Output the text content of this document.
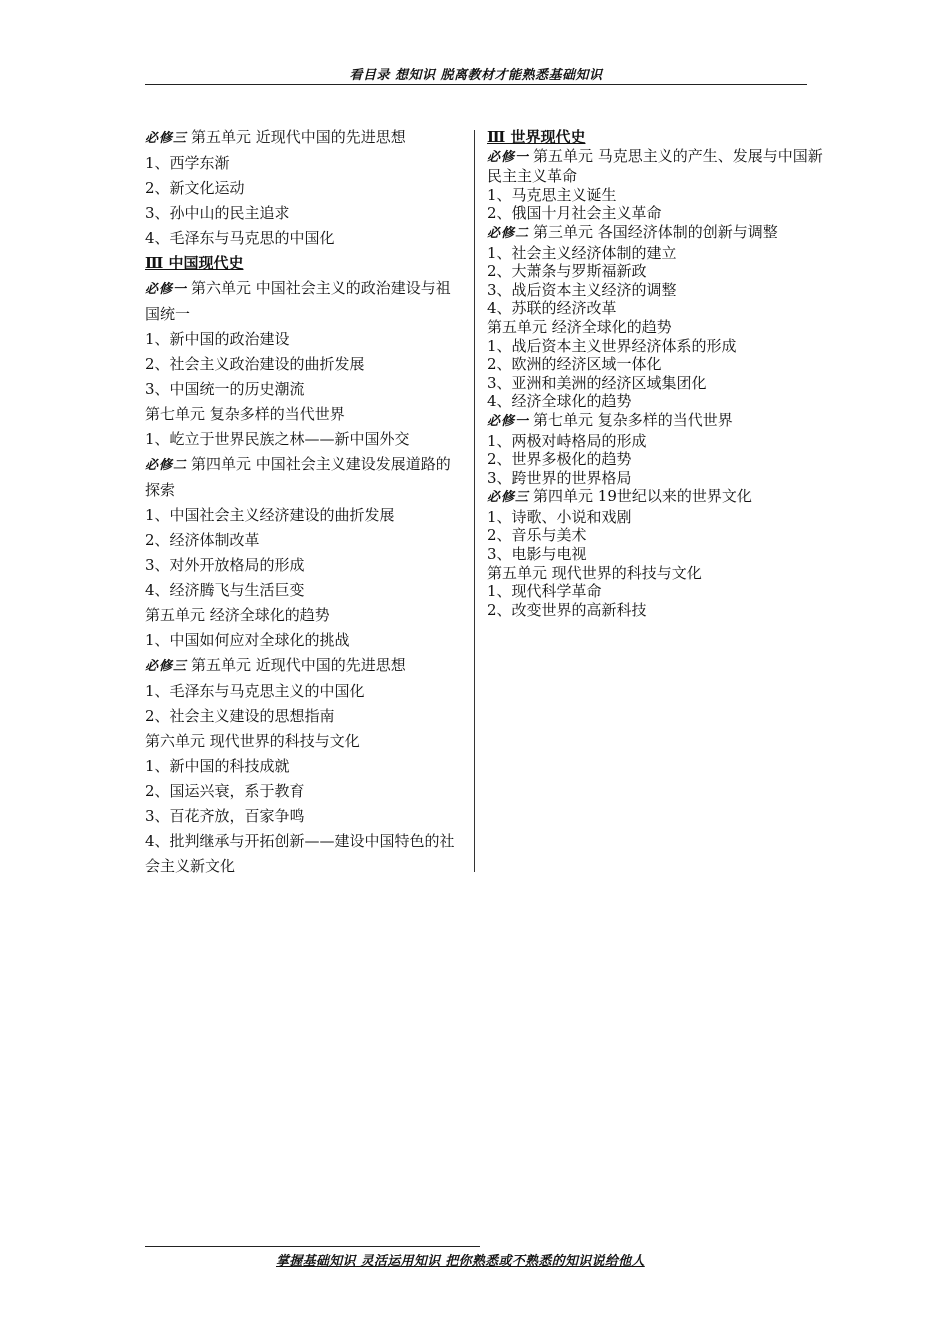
看目录 想知识 脱离教材才能熟悉基础知识
必修三 第五单元 近现代中国的先进思想
1、西学东渐
2、新文化运动
3、孙中山的民主追求
4、毛泽东与马克思的中国化
Ⅲ 中国现代史
必修一 第六单元 中国社会主义的政治建设与祖国统一
1、新中国的政治建设
2、社会主义政治建设的曲折发展
3、中国统一的历史潮流
第七单元 复杂多样的当代世界
1、屹立于世界民族之林——新中国外交
必修二 第四单元 中国社会主义建设发展道路的探索
1、中国社会主义经济建设的曲折发展
2、经济体制改革
3、对外开放格局的形成
4、经济腾飞与生活巨变
第五单元 经济全球化的趋势
1、中国如何应对全球化的挑战
必修三 第五单元 近现代中国的先进思想
1、毛泽东与马克思主义的中国化
2、社会主义建设的思想指南
第六单元 现代世界的科技与文化
1、新中国的科技成就
2、国运兴衰，系于教育
3、百花齐放，百家争鸣
4、批判继承与开拓创新——建设中国特色的社会主义新文化
Ⅲ 世界现代史
必修一 第五单元 马克思主义的产生、发展与中国新民主主义革命
1、马克思主义诞生
2、俄国十月社会主义革命
必修二 第三单元 各国经济体制的创新与调整
1、社会主义经济体制的建立
2、大萧条与罗斯福新政
3、战后资本主义经济的调整
4、苏联的经济改革
第五单元 经济全球化的趋势
1、战后资本主义世界经济体系的形成
2、欧洲的经济区域一体化
3、亚洲和美洲的经济区域集团化
4、经济全球化的趋势
必修一 第七单元 复杂多样的当代世界
1、两极对峙格局的形成
2、世界多极化的趋势
3、跨世界的世界格局
必修三 第四单元 19世纪以来的世界文化
1、诗歌、小说和戏剧
2、音乐与美术
3、电影与电视
第五单元 现代世界的科技与文化
1、现代科学革命
2、改变世界的高新科技
掌握基础知识 灵活运用知识 把你熟悉或不熟悉的知识说给他人
